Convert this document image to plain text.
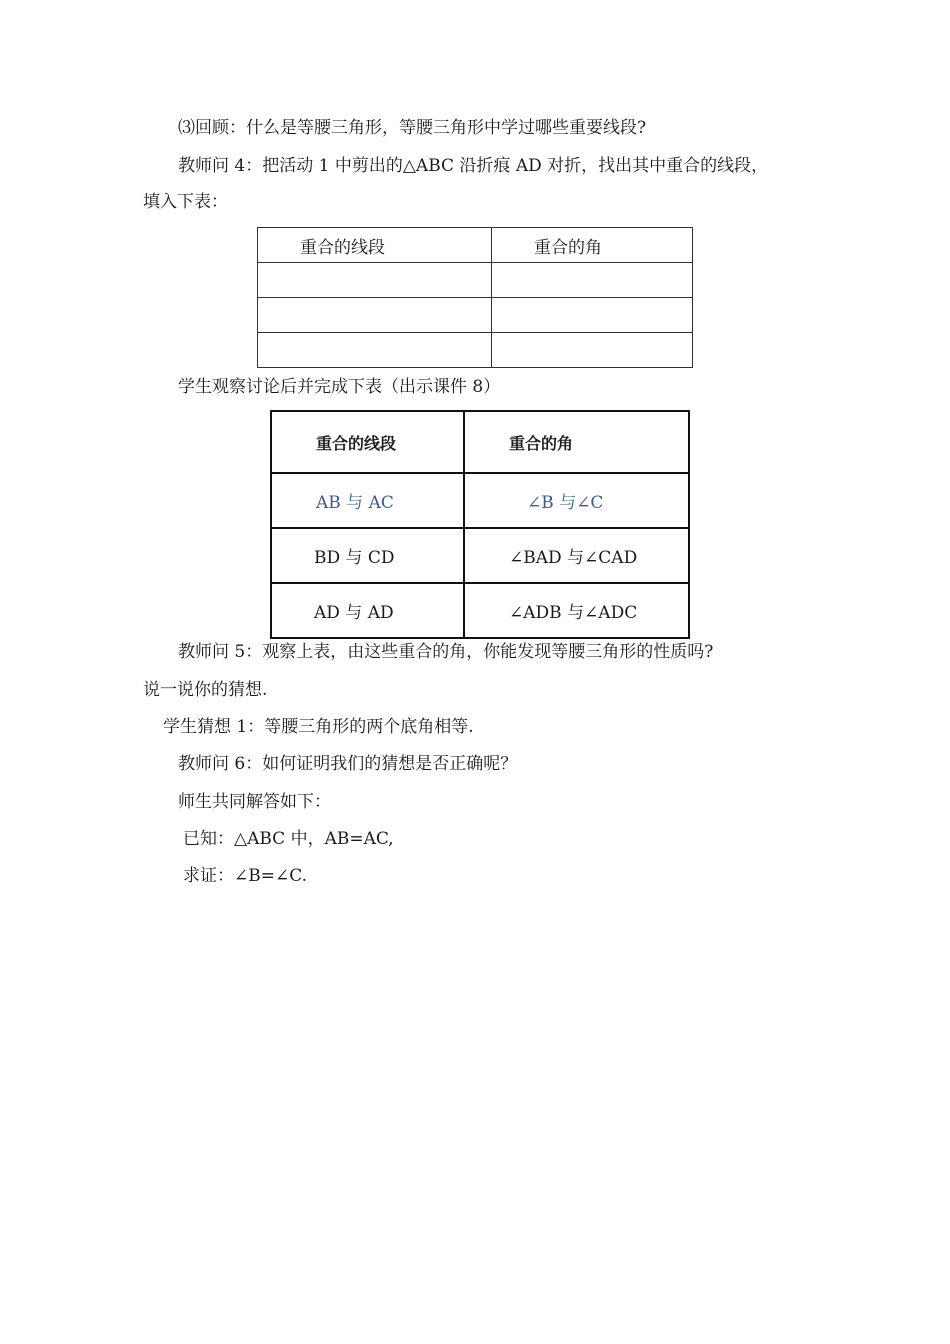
⑶回顾：什么是等腰三角形，等腰三角形中学过哪些重要线段?
教师问 4：把活动 1 中剪出的△ABC 沿折痕 AD 对折，找出其中重合的线段，
填入下表：
重合的线段	重合的角

学生观察讨论后并完成下表（出示课件 8）
重合的线段	重合的角
AB 与 AC	∠B 与∠C
BD 与 CD	∠BAD 与∠CAD
AD 与 AD	∠ADB 与∠ADC
教师问 5：观察上表，由这些重合的角，你能发现等腰三角形的性质吗?
说一说你的猜想.
学生猜想 1：等腰三角形的两个底角相等.
教师问 6：如何证明我们的猜想是否正确呢？
师生共同解答如下：
已知：△ABC 中，AB=AC,
求证：∠B=∠C.
